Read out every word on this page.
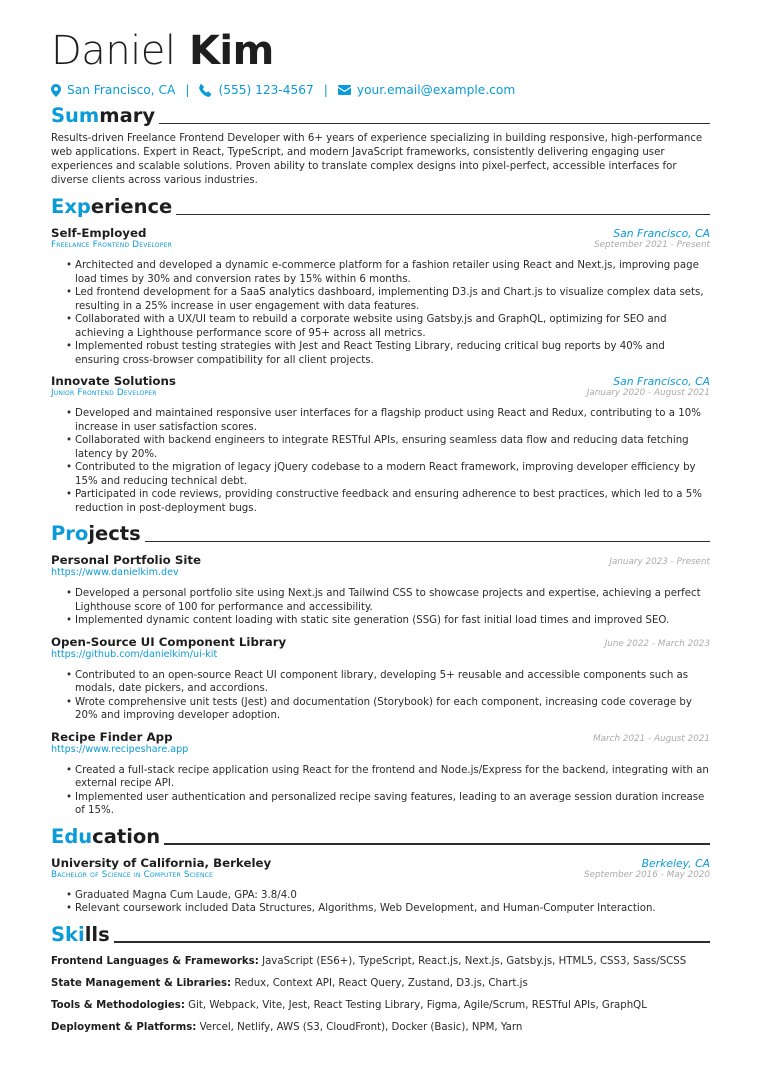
Daniel Kim
San Francisco, CA | (555) 123-4567 | your.email@example.com
Summary

Results-driven Freelance Frontend Developer with 6+ years of experience specializing in building responsive, high-performance web applications. Expert in React, TypeScript, and modern JavaScript frameworks, consistently delivering engaging user experiences and scalable solutions. Proven ability to translate complex designs into pixel-perfect, accessible interfaces for diverse clients across various industries.

Experience
Self-Employed	San Francisco, CA
Freelance Frontend Developer	September 2021 - Present
• Architected and developed a dynamic e-commerce platform for a fashion retailer using React and Next.js, improving page load times by 30% and conversion rates by 15% within 6 months.
• Led frontend development for a SaaS analytics dashboard, implementing D3.js and Chart.js to visualize complex data sets, resulting in a 25% increase in user engagement with data features.
• Collaborated with a UX/UI team to rebuild a corporate website using Gatsby.js and GraphQL, optimizing for SEO and achieving a Lighthouse performance score of 95+ across all metrics.
• Implemented robust testing strategies with Jest and React Testing Library, reducing critical bug reports by 40% and ensuring cross-browser compatibility for all client projects.
Innovate Solutions	San Francisco, CA
Junior Frontend Developer	January 2020 - August 2021
• Developed and maintained responsive user interfaces for a flagship product using React and Redux, contributing to a 10% increase in user satisfaction scores.
• Collaborated with backend engineers to integrate RESTful APIs, ensuring seamless data flow and reducing data fetching latency by 20%.
• Contributed to the migration of legacy jQuery codebase to a modern React framework, improving developer efficiency by 15% and reducing technical debt.
• Participated in code reviews, providing constructive feedback and ensuring adherence to best practices, which led to a 5% reduction in post-deployment bugs.
Projects
Personal Portfolio Site	January 2023 - Present
https://www.danielkim.dev
• Developed a personal portfolio site using Next.js and Tailwind CSS to showcase projects and expertise, achieving a perfect Lighthouse score of 100 for performance and accessibility.
• Implemented dynamic content loading with static site generation (SSG) for fast initial load times and improved SEO.
Open-Source UI Component Library	June 2022 - March 2023
https://github.com/danielkim/ui-kit
• Contributed to an open-source React UI component library, developing 5+ reusable and accessible components such as modals, date pickers, and accordions.
• Wrote comprehensive unit tests (Jest) and documentation (Storybook) for each component, increasing code coverage by 20% and improving developer adoption.
Recipe Finder App	March 2021 - August 2021
https://www.recipeshare.app
• Created a full-stack recipe application using React for the frontend and Node.js/Express for the backend, integrating with an external recipe API.
• Implemented user authentication and personalized recipe saving features, leading to an average session duration increase of 15%.
Education
University of California, Berkeley	Berkeley, CA
Bachelor of Science in Computer Science	September 2016 - May 2020
• Graduated Magna Cum Laude, GPA: 3.8/4.0
• Relevant coursework included Data Structures, Algorithms, Web Development, and Human-Computer Interaction.
Skills
Frontend Languages & Frameworks: JavaScript (ES6+), TypeScript, React.js, Next.js, Gatsby.js, HTML5, CSS3, Sass/SCSS
State Management & Libraries: Redux, Context API, React Query, Zustand, D3.js, Chart.js
Tools & Methodologies: Git, Webpack, Vite, Jest, React Testing Library, Figma, Agile/Scrum, RESTful APIs, GraphQL
Deployment & Platforms: Vercel, Netlify, AWS (S3, CloudFront), Docker (Basic), NPM, Yarn
